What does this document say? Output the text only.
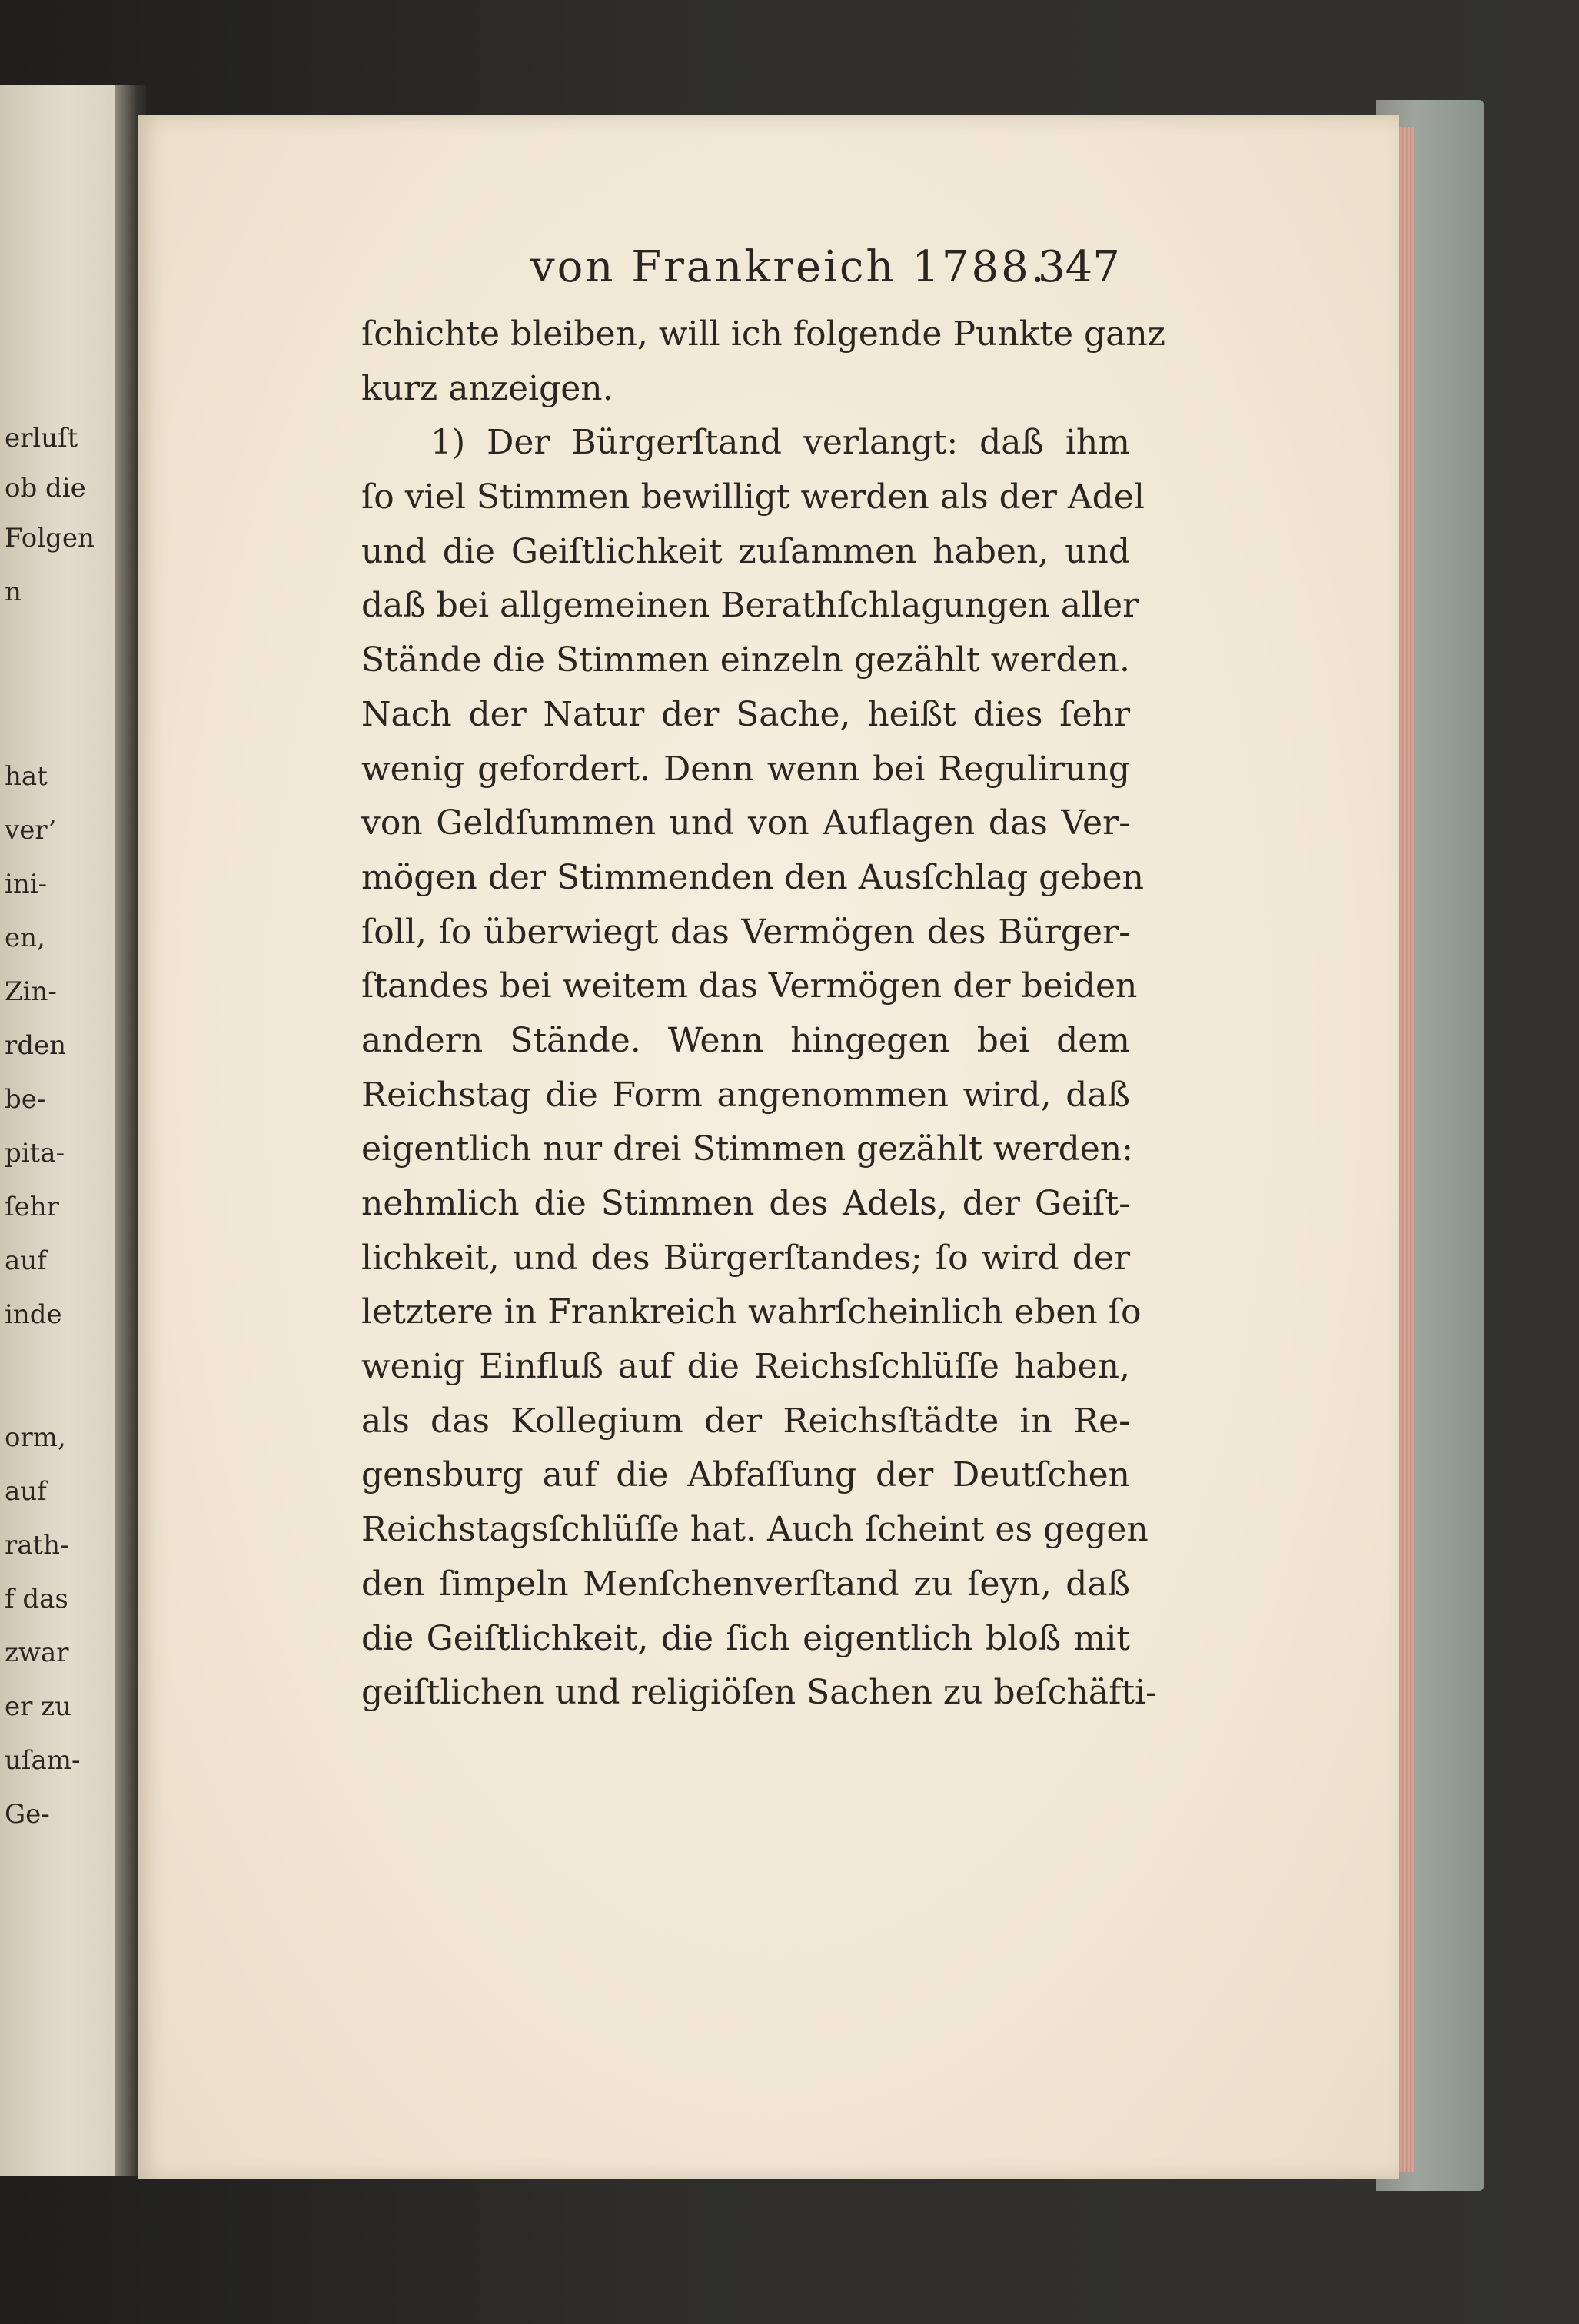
erluſt
ob die
Folgen
n
hat
verʼ
ini-
en,
Zin-
rden
be-
pita-
ſehr
auf
inde
orm,
auf
rath-
f das
zwar
er zu
uſam-
Ge-
von Frankreich 1788.
347
ſchichte bleiben, will ich folgende Punkte ganz
kurz anzeigen.
1) Der Bürgerſtand verlangt: daß ihm
ſo viel Stimmen bewilligt werden als der Adel
und die Geiſtlichkeit zuſammen haben, und
daß bei allgemeinen Berathſchlagungen aller
Stände die Stimmen einzeln gezählt werden.
Nach der Natur der Sache, heißt dies ſehr
wenig gefordert. Denn wenn bei Regulirung
von Geldſummen und von Auflagen das Ver-
mögen der Stimmenden den Ausſchlag geben
ſoll, ſo überwiegt das Vermögen des Bürger-
ſtandes bei weitem das Vermögen der beiden
andern Stände. Wenn hingegen bei dem
Reichstag die Form angenommen wird, daß
eigentlich nur drei Stimmen gezählt werden:
nehmlich die Stimmen des Adels, der Geiſt-
lichkeit, und des Bürgerſtandes; ſo wird der
letztere in Frankreich wahrſcheinlich eben ſo
wenig Einfluß auf die Reichsſchlüſſe haben,
als das Kollegium der Reichsſtädte in Re-
gensburg auf die Abfaſſung der Deutſchen
Reichstagsſchlüſſe hat. Auch ſcheint es gegen
den ſimpeln Menſchenverſtand zu ſeyn, daß
die Geiſtlichkeit, die ſich eigentlich bloß mit
geiſtlichen und religiöſen Sachen zu beſchäfti-
